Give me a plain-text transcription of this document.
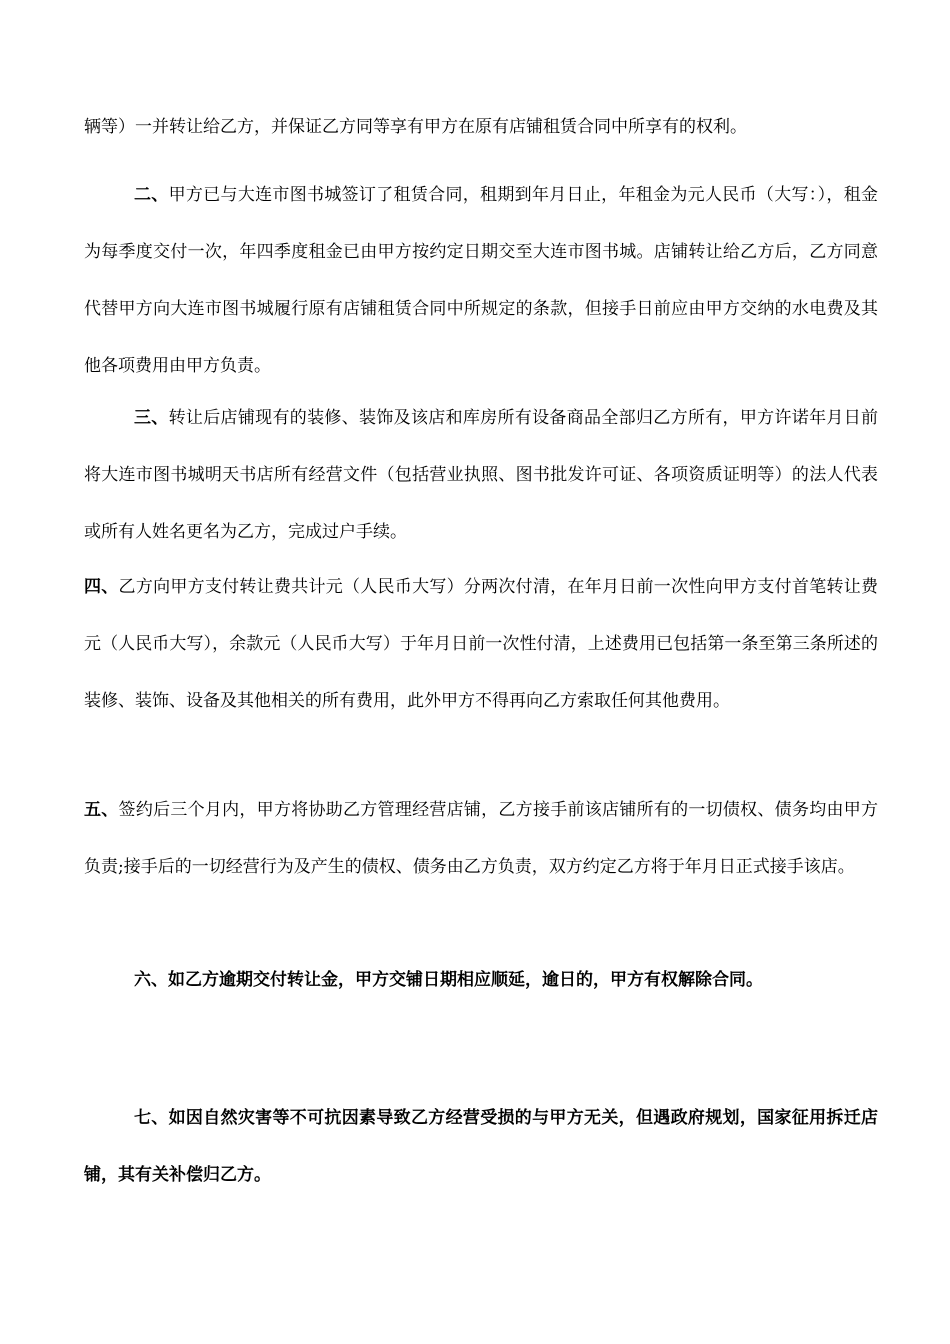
辆等）一并转让给乙方，并保证乙方同等享有甲方在原有店铺租赁合同中所享有的权利。

二、甲方已与大连市图书城签订了租赁合同，租期到年月日止，年租金为元人民币（大写：），租金为每季度交付一次，年四季度租金已由甲方按约定日期交至大连市图书城。店铺转让给乙方后，乙方同意代替甲方向大连市图书城履行原有店铺租赁合同中所规定的条款，但接手日前应由甲方交纳的水电费及其他各项费用由甲方负责。

三、转让后店铺现有的装修、装饰及该店和库房所有设备商品全部归乙方所有，甲方许诺年月日前将大连市图书城明天书店所有经营文件（包括营业执照、图书批发许可证、各项资质证明等）的法人代表或所有人姓名更名为乙方，完成过户手续。

四、乙方向甲方支付转让费共计元（人民币大写）分两次付清，在年月日前一次性向甲方支付首笔转让费元（人民币大写），余款元（人民币大写）于年月日前一次性付清，上述费用已包括第一条至第三条所述的装修、装饰、设备及其他相关的所有费用，此外甲方不得再向乙方索取任何其他费用。

五、签约后三个月内，甲方将协助乙方管理经营店铺，乙方接手前该店铺所有的一切债权、债务均由甲方负责;接手后的一切经营行为及产生的债权、债务由乙方负责，双方约定乙方将于年月日正式接手该店。

六、如乙方逾期交付转让金，甲方交铺日期相应顺延，逾日的，甲方有权解除合同。

七、如因自然灾害等不可抗因素导致乙方经营受损的与甲方无关，但遇政府规划，国家征用拆迁店铺，其有关补偿归乙方。
